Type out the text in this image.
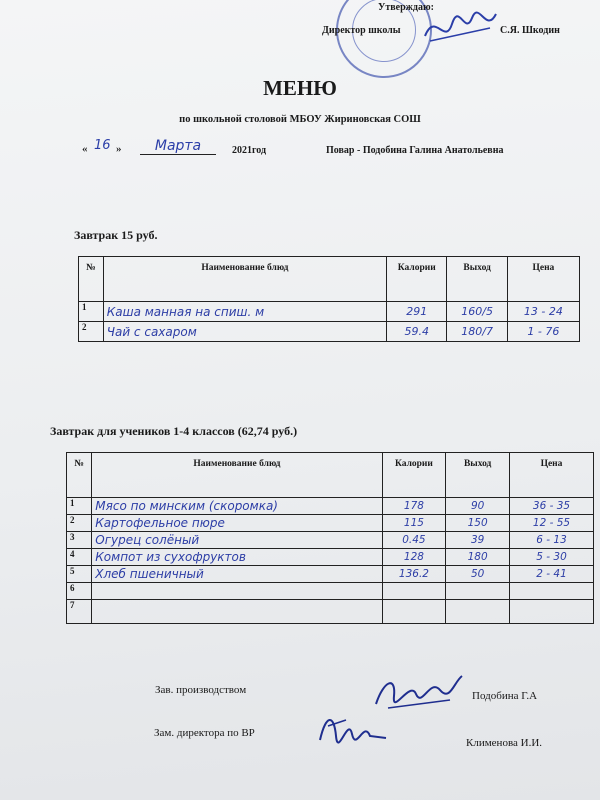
Утверждаю:
Директор школы	С.Я. Шкодин
МЕНЮ
по школьной столовой МБОУ Жириновская СОШ
« 16 »	Марта	2021год	Повар - Подобина Галина Анатольевна
Завтрак 15 руб.
№	Наименование блюд	Калории	Выход	Цена
1	Каша манная на спиш. м	291	160/5	13 - 24
2	Чай с сахаром	59.4	180/7	1 - 76
Завтрак для учеников 1-4 классов (62,74 руб.)
№	Наименование блюд	Калории	Выход	Цена
1	Мясо по минским (скоромка)	178	90	36 - 35
2	Картофельное пюре	115	150	12 - 55
3	Огурец солёный	0.45	39	6 - 13
4	Компот из сухофруктов	128	180	5 - 30
5	Хлеб пшеничный	136.2	50	2 - 41
6				
7				
Зав. производством	Подобина Г.А
Зам. директора по ВР
Клименова И.И.
